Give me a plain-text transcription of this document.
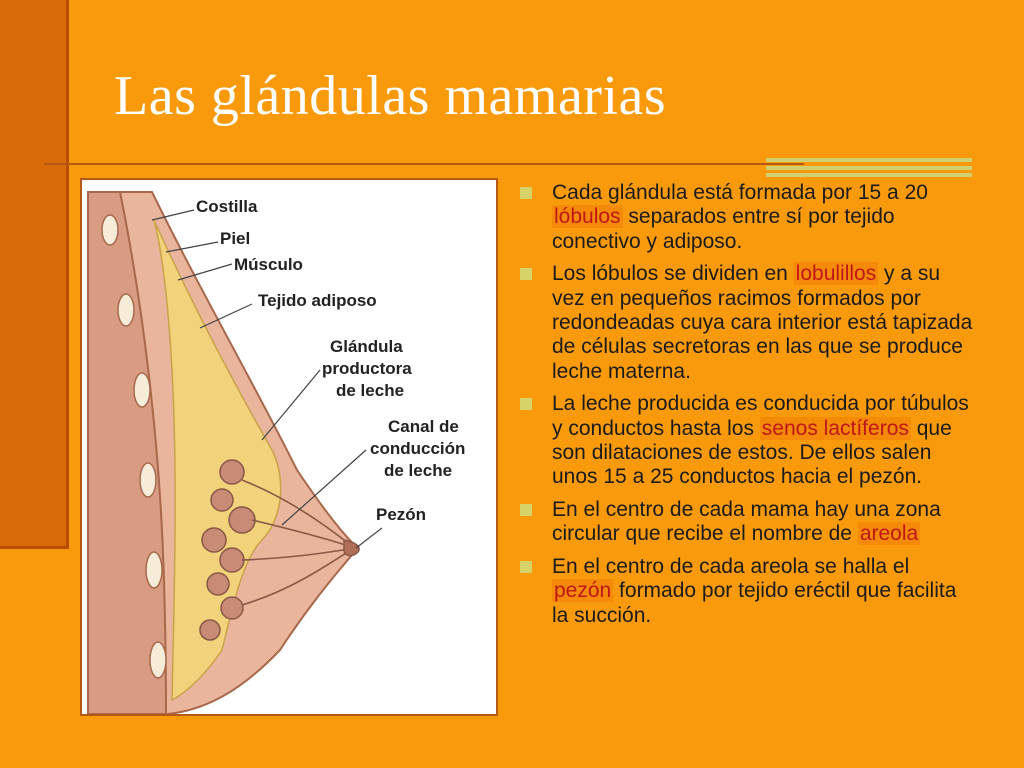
Las glándulas mamarias
Costilla
Piel
Músculo
Tejido adiposo
Glándula
productora
de leche
Canal de
conducción
de leche
Pezón
Cada glándula está formada por 15 a 20 lóbulos separados entre sí por tejido conectivo y adiposo.
Los lóbulos se dividen en lobulillos y a su vez en pequeños racimos formados por redondeadas cuya cara interior está tapizada de células secretoras en las que se produce leche materna.
La leche producida es conducida por túbulos y conductos hasta los senos lactíferos que son dilataciones de estos. De ellos salen unos 15 a 25 conductos hacia el pezón.
En el centro de cada mama hay una zona circular que recibe el nombre de areola
En el centro de cada areola se halla el pezón formado por tejido eréctil que facilita la succión.
